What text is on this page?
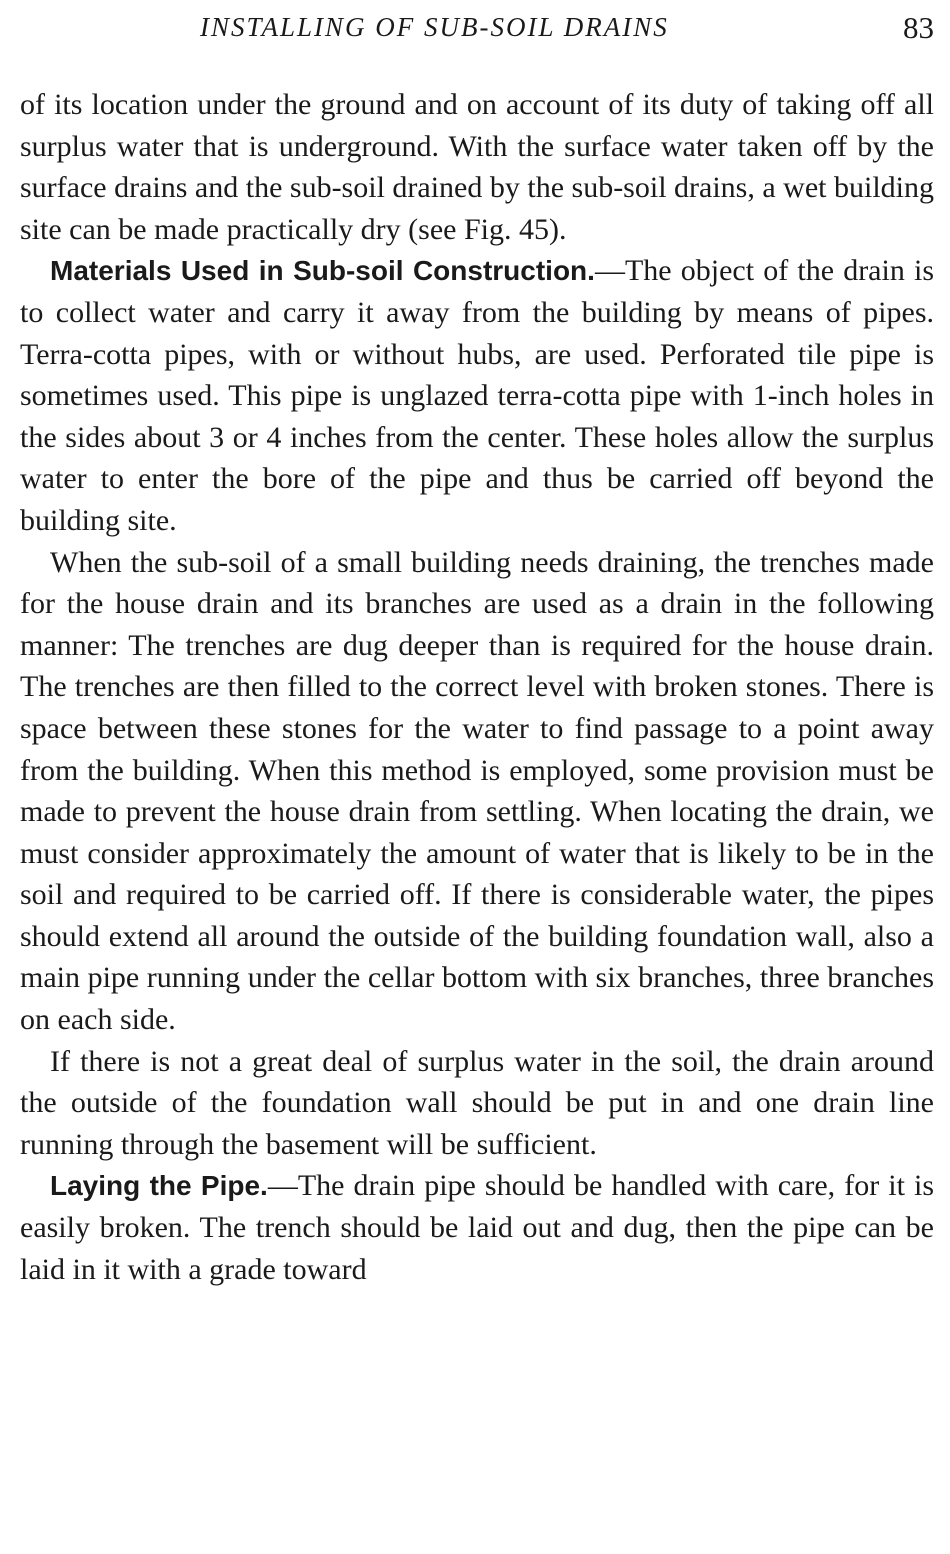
INSTALLING OF SUB-SOIL DRAINS	83

of its location under the ground and on account of its duty of taking off all surplus water that is underground. With the surface water taken off by the surface drains and the sub-soil drained by the sub-soil drains, a wet building site can be made practically dry (see Fig. 45).

Materials Used in Sub-soil Construction.—The object of the drain is to collect water and carry it away from the building by means of pipes. Terra-cotta pipes, with or without hubs, are used. Perforated tile pipe is sometimes used. This pipe is unglazed terra-cotta pipe with 1-inch holes in the sides about 3 or 4 inches from the center. These holes allow the surplus water to enter the bore of the pipe and thus be carried off beyond the building site.

When the sub-soil of a small building needs draining, the trenches made for the house drain and its branches are used as a drain in the following manner: The trenches are dug deeper than is required for the house drain. The trenches are then filled to the correct level with broken stones. There is space between these stones for the water to find passage to a point away from the building. When this method is employed, some provision must be made to prevent the house drain from settling. When locating the drain, we must consider approximately the amount of water that is likely to be in the soil and required to be carried off. If there is considerable water, the pipes should extend all around the outside of the building foundation wall, also a main pipe running under the cellar bottom with six branches, three branches on each side.

If there is not a great deal of surplus water in the soil, the drain around the outside of the foundation wall should be put in and one drain line running through the basement will be sufficient.

Laying the Pipe.—The drain pipe should be handled with care, for it is easily broken. The trench should be laid out and dug, then the pipe can be laid in it with a grade toward
